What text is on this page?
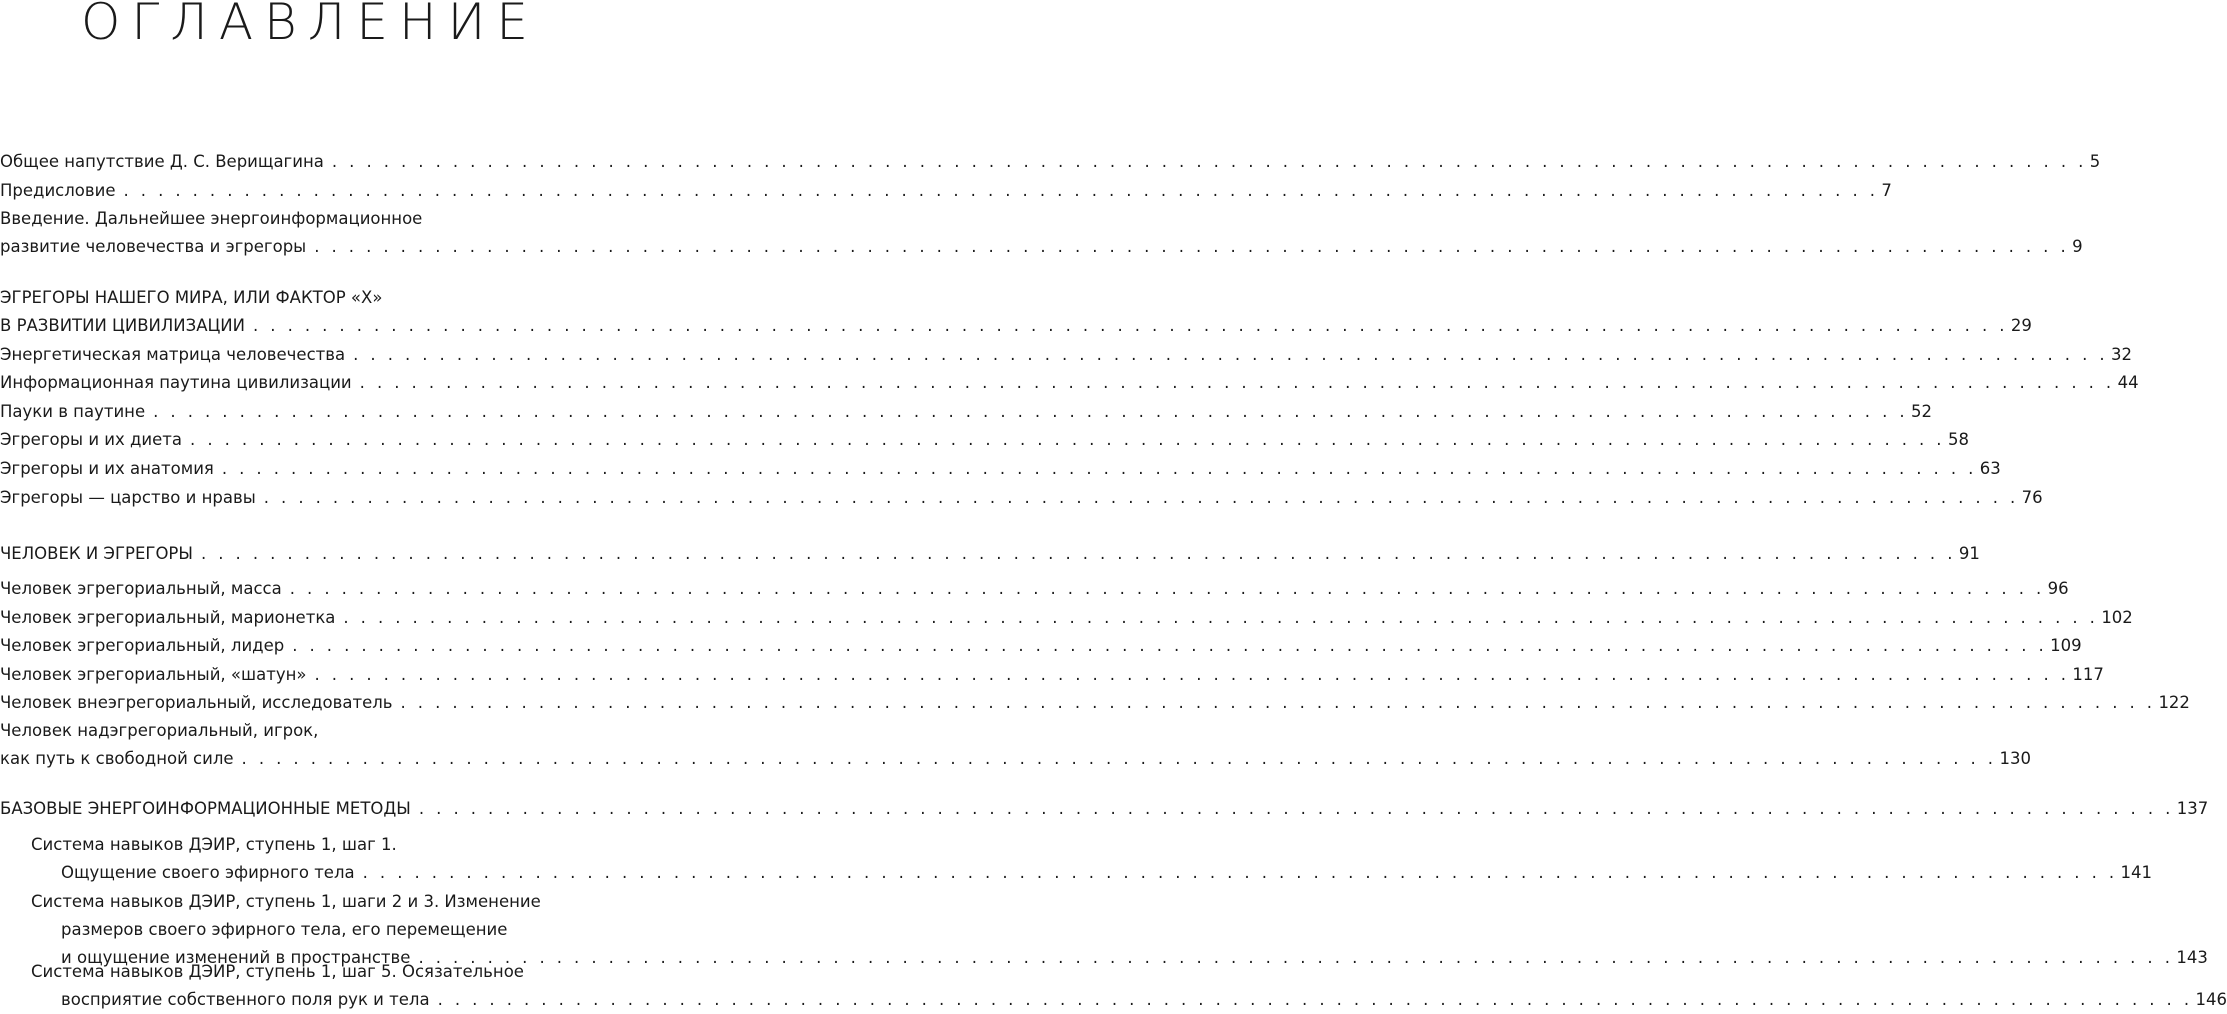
ОГЛАВЛЕНИЕ
Общее напутствие Д. С. Верищагина . . . . . . . . . . . . . . . . . . . . . . . . . . . . . . . . . . . . . . . . . . . . . . . . . . . . . . . . . . . . . . . . . . . . . . . . . . . . . . . . . . . . . . . . . . . . . . . . . . . . . . 5
Предисловие . . . . . . . . . . . . . . . . . . . . . . . . . . . . . . . . . . . . . . . . . . . . . . . . . . . . . . . . . . . . . . . . . . . . . . . . . . . . . . . . . . . . . . . . . . . . . . . . . . . . . . 7
Введение. Дальнейшее энергоинформационное
развитие человечества и эгрегоры . . . . . . . . . . . . . . . . . . . . . . . . . . . . . . . . . . . . . . . . . . . . . . . . . . . . . . . . . . . . . . . . . . . . . . . . . . . . . . . . . . . . . . . . . . . . . . . . . . . . . . 9
ЭГРЕГОРЫ НАШЕГО МИРА, ИЛИ ФАКТОР «Х»
В РАЗВИТИИ ЦИВИЛИЗАЦИИ . . . . . . . . . . . . . . . . . . . . . . . . . . . . . . . . . . . . . . . . . . . . . . . . . . . . . . . . . . . . . . . . . . . . . . . . . . . . . . . . . . . . . . . . . . . . . . . . . . . . . . 29
Энергетическая матрица человечества . . . . . . . . . . . . . . . . . . . . . . . . . . . . . . . . . . . . . . . . . . . . . . . . . . . . . . . . . . . . . . . . . . . . . . . . . . . . . . . . . . . . . . . . . . . . . . . . . . . . . . 32
Информационная паутина цивилизации . . . . . . . . . . . . . . . . . . . . . . . . . . . . . . . . . . . . . . . . . . . . . . . . . . . . . . . . . . . . . . . . . . . . . . . . . . . . . . . . . . . . . . . . . . . . . . . . . . . . . . 44
Пауки в паутине . . . . . . . . . . . . . . . . . . . . . . . . . . . . . . . . . . . . . . . . . . . . . . . . . . . . . . . . . . . . . . . . . . . . . . . . . . . . . . . . . . . . . . . . . . . . . . . . . . . . . . 52
Эгрегоры и их диета . . . . . . . . . . . . . . . . . . . . . . . . . . . . . . . . . . . . . . . . . . . . . . . . . . . . . . . . . . . . . . . . . . . . . . . . . . . . . . . . . . . . . . . . . . . . . . . . . . . . . . 58
Эгрегоры и их анатомия . . . . . . . . . . . . . . . . . . . . . . . . . . . . . . . . . . . . . . . . . . . . . . . . . . . . . . . . . . . . . . . . . . . . . . . . . . . . . . . . . . . . . . . . . . . . . . . . . . . . . . 63
Эгрегоры — царство и нравы . . . . . . . . . . . . . . . . . . . . . . . . . . . . . . . . . . . . . . . . . . . . . . . . . . . . . . . . . . . . . . . . . . . . . . . . . . . . . . . . . . . . . . . . . . . . . . . . . . . . . . 76
ЧЕЛОВЕК И ЭГРЕГОРЫ . . . . . . . . . . . . . . . . . . . . . . . . . . . . . . . . . . . . . . . . . . . . . . . . . . . . . . . . . . . . . . . . . . . . . . . . . . . . . . . . . . . . . . . . . . . . . . . . . . . . . . 91
Человек эгрегориальный, масса . . . . . . . . . . . . . . . . . . . . . . . . . . . . . . . . . . . . . . . . . . . . . . . . . . . . . . . . . . . . . . . . . . . . . . . . . . . . . . . . . . . . . . . . . . . . . . . . . . . . . . 96
Человек эгрегориальный, марионетка . . . . . . . . . . . . . . . . . . . . . . . . . . . . . . . . . . . . . . . . . . . . . . . . . . . . . . . . . . . . . . . . . . . . . . . . . . . . . . . . . . . . . . . . . . . . . . . . . . . . . . 102
Человек эгрегориальный, лидер . . . . . . . . . . . . . . . . . . . . . . . . . . . . . . . . . . . . . . . . . . . . . . . . . . . . . . . . . . . . . . . . . . . . . . . . . . . . . . . . . . . . . . . . . . . . . . . . . . . . . . 109
Человек эгрегориальный, «шатун» . . . . . . . . . . . . . . . . . . . . . . . . . . . . . . . . . . . . . . . . . . . . . . . . . . . . . . . . . . . . . . . . . . . . . . . . . . . . . . . . . . . . . . . . . . . . . . . . . . . . . . 117
Человек внеэгрегориальный, исследователь . . . . . . . . . . . . . . . . . . . . . . . . . . . . . . . . . . . . . . . . . . . . . . . . . . . . . . . . . . . . . . . . . . . . . . . . . . . . . . . . . . . . . . . . . . . . . . . . . . . . . . 122
Человек надэгрегориальный, игрок,
как путь к свободной силе . . . . . . . . . . . . . . . . . . . . . . . . . . . . . . . . . . . . . . . . . . . . . . . . . . . . . . . . . . . . . . . . . . . . . . . . . . . . . . . . . . . . . . . . . . . . . . . . . . . . . . 130
БАЗОВЫЕ ЭНЕРГОИНФОРМАЦИОННЫЕ МЕТОДЫ . . . . . . . . . . . . . . . . . . . . . . . . . . . . . . . . . . . . . . . . . . . . . . . . . . . . . . . . . . . . . . . . . . . . . . . . . . . . . . . . . . . . . . . . . . . . . . . . . . . . . . 137
Система навыков ДЭИР, ступень 1, шаг 1.
Ощущение своего эфирного тела . . . . . . . . . . . . . . . . . . . . . . . . . . . . . . . . . . . . . . . . . . . . . . . . . . . . . . . . . . . . . . . . . . . . . . . . . . . . . . . . . . . . . . . . . . . . . . . . . . . . . . 141
Система навыков ДЭИР, ступень 1, шаги 2 и 3. Изменение
размеров своего эфирного тела, его перемещение
и ощущение изменений в пространстве . . . . . . . . . . . . . . . . . . . . . . . . . . . . . . . . . . . . . . . . . . . . . . . . . . . . . . . . . . . . . . . . . . . . . . . . . . . . . . . . . . . . . . . . . . . . . . . . . . . . . . 143
Система навыков ДЭИР, ступень 1, шаг 5. Осязательное
восприятие собственного поля рук и тела . . . . . . . . . . . . . . . . . . . . . . . . . . . . . . . . . . . . . . . . . . . . . . . . . . . . . . . . . . . . . . . . . . . . . . . . . . . . . . . . . . . . . . . . . . . . . . . . . . . . . . 146
